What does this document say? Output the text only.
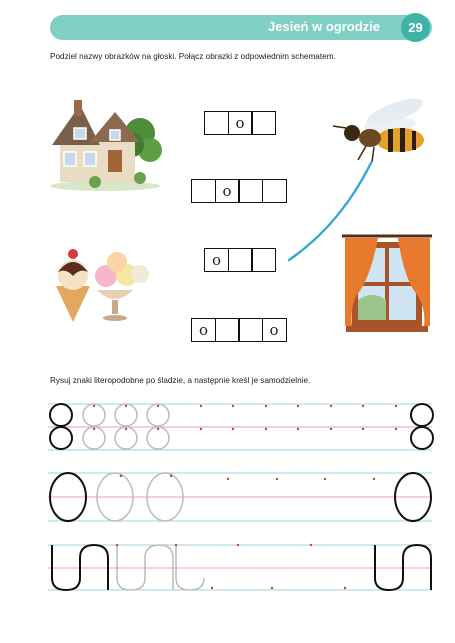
Jesień w ogrodzie	29
Podziel nazwy obrazków na głoski. Połącz obrazki z odpowiednim schematem.
o
o
o
o	o
Rysuj znaki literopodobne po śladzie, a następnie kreśl je samodzielnie.
